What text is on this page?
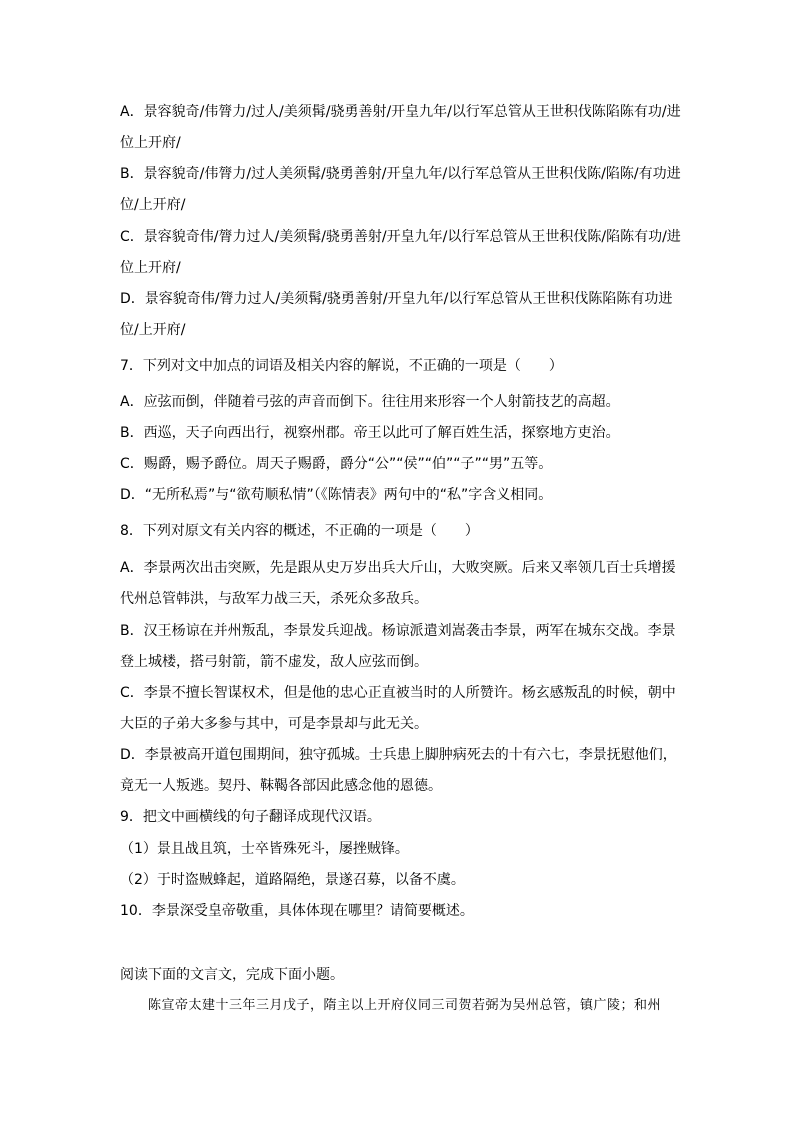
A．景容貌奇/伟膂力/过人/美须髯/骁勇善射/开皇九年/以行军总管从王世积伐陈陷陈有功/进
位上开府/
B．景容貌奇/伟膂力/过人美须髯/骁勇善射/开皇九年/以行军总管从王世积伐陈/陷陈/有功进
位/上开府/
C．景容貌奇伟/膂力过人/美须髯/骁勇善射/开皇九年/以行军总管从王世积伐陈/陷陈有功/进
位上开府/
D．景容貌奇伟/膂力过人/美须髯/骁勇善射/开皇九年/以行军总管从王世积伐陈陷陈有功进
位/上开府/
7．下列对文中加点的词语及相关内容的解说，不正确的一项是（　　）
A．应弦而倒，伴随着弓弦的声音而倒下。往往用来形容一个人射箭技艺的高超。
B．西巡，天子向西出行，视察州郡。帝王以此可了解百姓生活，探察地方吏治。
C．赐爵，赐予爵位。周天子赐爵，爵分“公”“侯”“伯”“子”“男”五等。
D．“无所私焉”与“欲苟顺私情”（《陈情表》两句中的“私”字含义相同。
8．下列对原文有关内容的概述，不正确的一项是（　　）
A．李景两次出击突厥，先是跟从史万岁出兵大斤山，大败突厥。后来又率领几百士兵增援
代州总管韩洪，与敌军力战三天，杀死众多敌兵。
B．汉王杨谅在并州叛乱，李景发兵迎战。杨谅派遣刘嵩袭击李景，两军在城东交战。李景
登上城楼，搭弓射箭，箭不虚发，敌人应弦而倒。
C．李景不擅长智谋权术，但是他的忠心正直被当时的人所赞许。杨玄感叛乱的时候，朝中
大臣的子弟大多参与其中，可是李景却与此无关。
D．李景被高开道包围期间，独守孤城。士兵患上脚肿病死去的十有六七，李景抚慰他们，
竟无一人叛逃。契丹、靺鞨各部因此感念他的恩德。
9．把文中画横线的句子翻译成现代汉语。
（1）景且战且筑，士卒皆殊死斗，屡挫贼锋。
（2）于时盗贼蜂起，道路隔绝，景遂召募，以备不虞。
10．李景深受皇帝敬重，具体体现在哪里？请简要概述。
阅读下面的文言文，完成下面小题。
陈宣帝太建十三年三月戊子，隋主以上开府仪同三司贺若弼为吴州总管，镇广陵；和州
